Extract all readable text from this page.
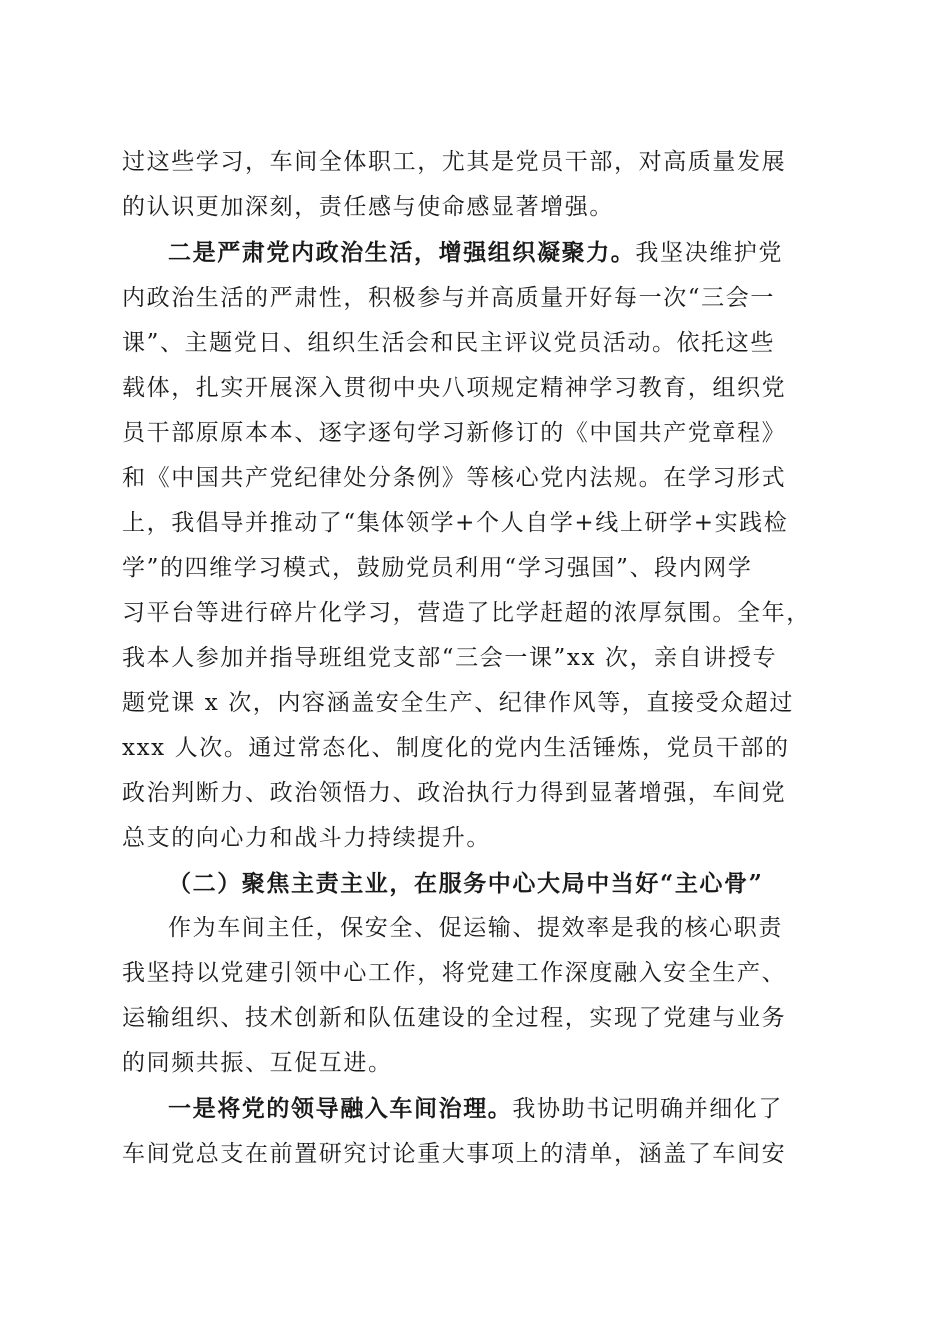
过这些学习，车间全体职工，尤其是党员干部，对高质量发展
的认识更加深刻，责任感与使命感显著增强。
二是严肃党内政治生活，增强组织凝聚力。我坚决维护党
内政治生活的严肃性，积极参与并高质量开好每一次“三会一
课”、主题党日、组织生活会和民主评议党员活动。依托这些
载体，扎实开展深入贯彻中央八项规定精神学习教育，组织党
员干部原原本本、逐字逐句学习新修订的《中国共产党章程》
和《中国共产党纪律处分条例》等核心党内法规。在学习形式
上，我倡导并推动了“集体领学+个人自学+线上研学+实践检
学”的四维学习模式，鼓励党员利用“学习强国”、段内网学
习平台等进行碎片化学习，营造了比学赶超的浓厚氛围。全年，
我本人参加并指导班组党支部“三会一课”xx 次，亲自讲授专
题党课 x 次，内容涵盖安全生产、纪律作风等，直接受众超过
xxx 人次。通过常态化、制度化的党内生活锤炼，党员干部的
政治判断力、政治领悟力、政治执行力得到显著增强，车间党
总支的向心力和战斗力持续提升。
（二）聚焦主责主业，在服务中心大局中当好“主心骨”
作为车间主任，保安全、促运输、提效率是我的核心职责
我坚持以党建引领中心工作，将党建工作深度融入安全生产、
运输组织、技术创新和队伍建设的全过程，实现了党建与业务
的同频共振、互促互进。
一是将党的领导融入车间治理。我协助书记明确并细化了
车间党总支在前置研究讨论重大事项上的清单，涵盖了车间安
